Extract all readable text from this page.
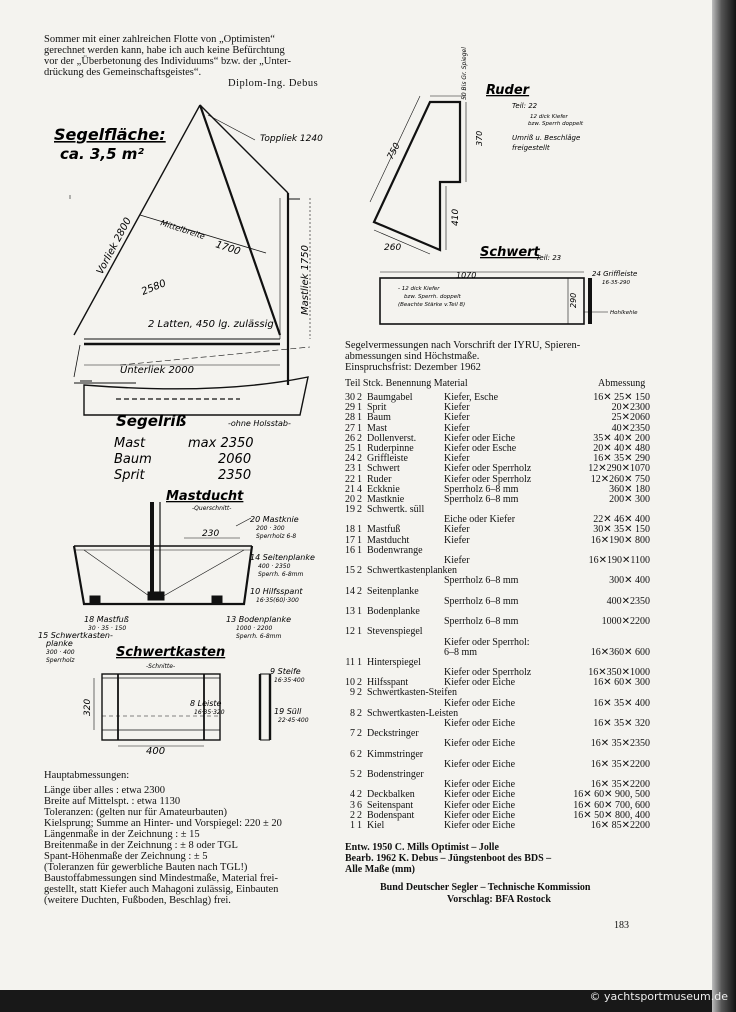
Sommer mit einer zahlreichen Flotte von „Optimisten“
gerechnet werden kann, habe ich auch keine Befürchtung
vor der „Überbetonung des Individuums“ bzw. der „Unter-
drückung des Gemeinschaftsgeistes“.
Diplom-Ing. Debus
Segelfläche:
ca. 3,5 m²
Toppliek 1240
Vorliek 2800	Mittelbreite
1700
2580	Mastliek 1750
2 Latten, 450 lg. zulässig
Unterliek 2000
Segelriß	-ohne Holsstab-
Mast	max 2350
Baum	2060
Sprit	2350
Mastducht
-Querschnitt-
230
20 Mastknie
200 · 300
Sperrholz 6-8
14 Seitenplanke
400 · 2350
Sperrh. 6-8mm
10 Hilfsspant
16·35(60)·300
13 Bodenplanke
1000 · 2200
Sperrh. 6-8mm
18 Mastfuß
30 · 35 · 150
Schwertkasten
-Schnitte-
15 Schwertkasten-
planke
300 · 400
Sperrholz
320	8 Leiste
16·35·320
400
9 Steife
16·35·400
19 Süll
22·45·400
Ruder
Teil: 22
12 dick Kiefer
bzw. Sperrh doppelt
Umriß u. Beschläge
freigestellt
50 Bis Gr. Spiegel
370
750
410
260	Schwert
Teil: 23
1070
290
- 12 dick Kiefer
bzw. Sperrh. doppelt
(Beachte Stärke v.Teil 8)
24 Griffleiste
16·35·290
Hohlkehle
Segelvermessungen nach Vorschrift der IYRU, Spieren-
abmessungen sind Höchstmaße.
Einspruchsfrist: Dezember 1962
Teil Stck. Benennung Material	Abmessung
30 2 Baumgabel	Kiefer, Esche	16✕ 25✕ 150
29 1 Sprit	Kiefer	20✕2300
28 1 Baum	Kiefer	25✕2060
27 1 Mast	Kiefer	40✕2350
26 2 Dollenverst.	Kiefer oder Eiche	35✕ 40✕ 200
25 1 Ruderpinne	Kiefer oder Esche	20✕ 40✕ 480
24 2 Griffleiste	Kiefer	16✕ 35✕ 290
23 1 Schwert	Kiefer oder Sperrholz	12✕290✕1070
22 1 Ruder	Kiefer oder Sperrholz	12✕260✕ 750
21 4 Eckknie	Sperrholz 6–8 mm	360✕ 180
20 2 Mastknie	Sperrholz 6–8 mm	200✕ 300
19 2 Schwertk. süll
Eiche oder Kiefer	22✕ 46✕ 400
18 1 Mastfuß	Kiefer	30✕ 35✕ 150
17 1 Mastducht	Kiefer	16✕190✕ 800
16 1 Bodenwrange
Kiefer	16✕190✕1100
15 2 Schwertkastenplanken
Sperrholz 6–8 mm	300✕ 400
14 2 Seitenplanke
Sperrholz 6–8 mm	400✕2350
13 1 Bodenplanke
Sperrholz 6–8 mm	1000✕2200
12 1 Stevenspiegel
Kiefer oder Sperrhol:
6–8 mm	16✕360✕ 600
11 1 Hinterspiegel
Kiefer oder Sperrholz	16✕350✕1000
10 2 Hilfsspant	Kiefer oder Eiche	16✕ 60✕ 300
9 2 Schwertkasten-Steifen
Kiefer oder Eiche	16✕ 35✕ 400
8 2 Schwertkasten-Leisten
Kiefer oder Eiche	16✕ 35✕ 320
7 2 Deckstringer
Kiefer oder Eiche	16✕ 35✕2350
6 2 Kimmstringer
Kiefer oder Eiche	16✕ 35✕2200
5 2 Bodenstringer
Kiefer oder Eiche	16✕ 35✕2200
4 2 Deckbalken	Kiefer oder Eiche	16✕ 60✕ 900, 500
3 6 Seitenspant	Kiefer oder Eiche	16✕ 60✕ 700, 600
2 2 Bodenspant	Kiefer oder Eiche	16✕ 50✕ 800, 400
1 1 Kiel	Kiefer oder Eiche	16✕ 85✕2200
Entw. 1950 C. Mills Optimist – Jolle
Bearb. 1962 K. Debus – Jüngstenboot des BDS –
Alle Maße (mm)
Bund Deutscher Segler – Technische Kommission
Vorschlag: BFA Rostock
Hauptabmessungen:
Länge über alles : etwa 2300
Breite auf Mittelspt. : etwa 1130
Toleranzen: (gelten nur für Amateurbauten)
Kielsprung; Summe an Hinter- und Vorspiegel: 220 ± 20
Längenmaße in der Zeichnung : ± 15
Breitenmaße in der Zeichnung : ± 8 oder TGL
Spant-Höhenmaße der Zeichnung : ± 5
(Toleranzen für gewerbliche Bauten nach TGL!)
Baustoffabmessungen sind Mindestmaße, Material frei-
gestellt, statt Kiefer auch Mahagoni zulässig, Einbauten
(weitere Duchten, Fußboden, Beschlag) frei.
183
© yachtsportmuseum.de
